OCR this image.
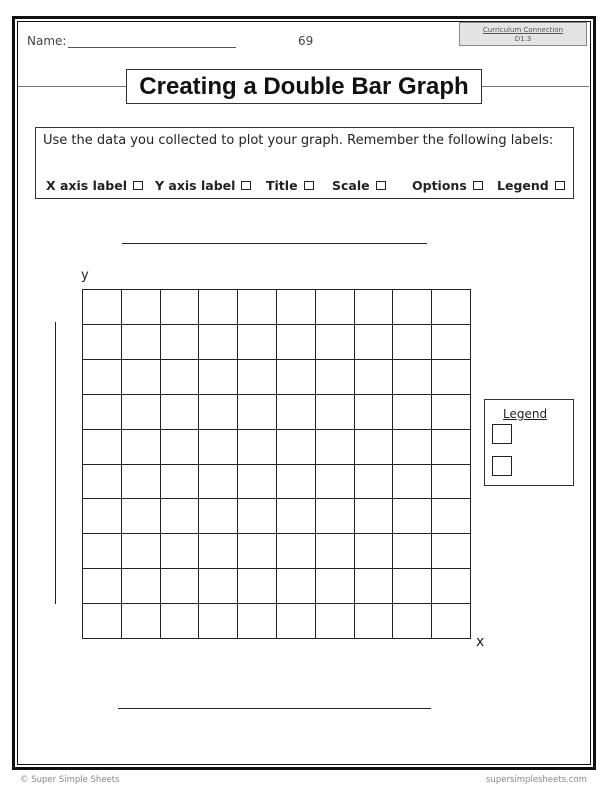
Name:	69
Curriculum Connection
D1.3
Creating a Double Bar Graph
Use the data you collected to plot your graph. Remember the following labels:
X axis label Y axis label Title	Scale	Options Legend
y
x
Legend
© Super Simple Sheets	supersimplesheets.com
